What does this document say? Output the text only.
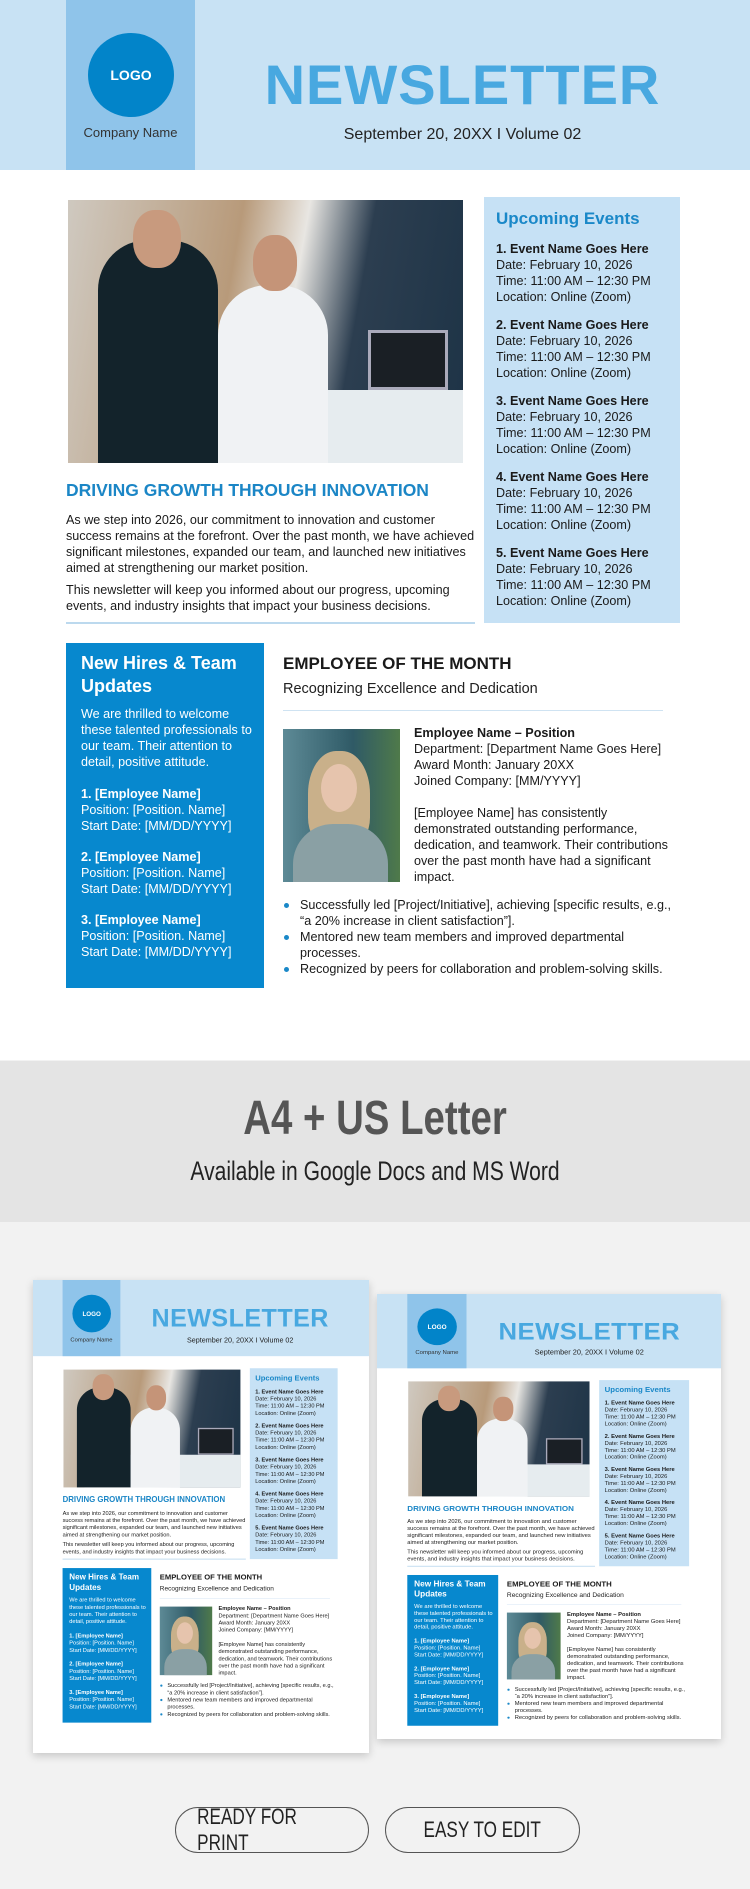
LOGO
Company Name
NEWSLETTER
September 20, 20XX I Volume 02
DRIVING GROWTH THROUGH INNOVATION

As we step into 2026, our commitment to innovation and customer success remains at the forefront. Over the past month, we have achieved significant milestones, expanded our team, and launched new initiatives aimed at strengthening our market position.

This newsletter will keep you informed about our progress, upcoming events, and industry insights that impact your business decisions.

Upcoming Events
1. Event Name Goes Here
Date: February 10, 2026
Time: 11:00 AM – 12:30 PM
Location: Online (Zoom)
2. Event Name Goes Here
Date: February 10, 2026
Time: 11:00 AM – 12:30 PM
Location: Online (Zoom)
3. Event Name Goes Here
Date: February 10, 2026
Time: 11:00 AM – 12:30 PM
Location: Online (Zoom)
4. Event Name Goes Here
Date: February 10, 2026
Time: 11:00 AM – 12:30 PM
Location: Online (Zoom)
5. Event Name Goes Here
Date: February 10, 2026
Time: 11:00 AM – 12:30 PM
Location: Online (Zoom)
New Hires & Team Updates

We are thrilled to welcome these talented professionals to our team. Their attention to detail, positive attitude.

1. [Employee Name]
Position: [Position. Name]
Start Date: [MM/DD/YYYY]
2. [Employee Name]
Position: [Position. Name]
Start Date: [MM/DD/YYYY]
3. [Employee Name]
Position: [Position. Name]
Start Date: [MM/DD/YYYY]
EMPLOYEE OF THE MONTH
Recognizing Excellence and Dedication
Employee Name – Position
Department: [Department Name Goes Here]
Award Month: January 20XX
Joined Company: [MM/YYYY]
[Employee Name] has consistently demonstrated outstanding performance, dedication, and teamwork. Their contributions over the past month have had a significant impact.
Successfully led [Project/Initiative], achieving [specific results, e.g., “a 20% increase in client satisfaction”].
Mentored new team members and improved departmental processes.
Recognized by peers for collaboration and problem-solving skills.
A4 + US Letter
Available in Google Docs and MS Word
LOGO
Company Name
NEWSLETTER
September 20, 20XX I Volume 02
DRIVING GROWTH THROUGH INNOVATION

As we step into 2026, our commitment to innovation and customer success remains at the forefront. Over the past month, we have achieved significant milestones, expanded our team, and launched new initiatives aimed at strengthening our market position.

This newsletter will keep you informed about our progress, upcoming events, and industry insights that impact your business decisions.

Upcoming Events
1. Event Name Goes Here
Date: February 10, 2026
Time: 11:00 AM – 12:30 PM
Location: Online (Zoom)
2. Event Name Goes Here
Date: February 10, 2026
Time: 11:00 AM – 12:30 PM
Location: Online (Zoom)
3. Event Name Goes Here
Date: February 10, 2026
Time: 11:00 AM – 12:30 PM
Location: Online (Zoom)
4. Event Name Goes Here
Date: February 10, 2026
Time: 11:00 AM – 12:30 PM
Location: Online (Zoom)
5. Event Name Goes Here
Date: February 10, 2026
Time: 11:00 AM – 12:30 PM
Location: Online (Zoom)
New Hires & Team Updates

We are thrilled to welcome these talented professionals to our team. Their attention to detail, positive attitude.

1. [Employee Name]
Position: [Position. Name]
Start Date: [MM/DD/YYYY]
2. [Employee Name]
Position: [Position. Name]
Start Date: [MM/DD/YYYY]
3. [Employee Name]
Position: [Position. Name]
Start Date: [MM/DD/YYYY]
EMPLOYEE OF THE MONTH
Recognizing Excellence and Dedication
Employee Name – Position
Department: [Department Name Goes Here]
Award Month: January 20XX
Joined Company: [MM/YYYY]
[Employee Name] has consistently demonstrated outstanding performance, dedication, and teamwork. Their contributions over the past month have had a significant impact.
Successfully led [Project/Initiative], achieving [specific results, e.g., “a 20% increase in client satisfaction”].
Mentored new team members and improved departmental processes.
Recognized by peers for collaboration and problem-solving skills.
LOGO
Company Name
NEWSLETTER
September 20, 20XX I Volume 02
DRIVING GROWTH THROUGH INNOVATION

As we step into 2026, our commitment to innovation and customer success remains at the forefront. Over the past month, we have achieved significant milestones, expanded our team, and launched new initiatives aimed at strengthening our market position.

This newsletter will keep you informed about our progress, upcoming events, and industry insights that impact your business decisions.

Upcoming Events
1. Event Name Goes Here
Date: February 10, 2026
Time: 11:00 AM – 12:30 PM
Location: Online (Zoom)
2. Event Name Goes Here
Date: February 10, 2026
Time: 11:00 AM – 12:30 PM
Location: Online (Zoom)
3. Event Name Goes Here
Date: February 10, 2026
Time: 11:00 AM – 12:30 PM
Location: Online (Zoom)
4. Event Name Goes Here
Date: February 10, 2026
Time: 11:00 AM – 12:30 PM
Location: Online (Zoom)
5. Event Name Goes Here
Date: February 10, 2026
Time: 11:00 AM – 12:30 PM
Location: Online (Zoom)
New Hires & Team Updates

We are thrilled to welcome these talented professionals to our team. Their attention to detail, positive attitude.

1. [Employee Name]
Position: [Position. Name]
Start Date: [MM/DD/YYYY]
2. [Employee Name]
Position: [Position. Name]
Start Date: [MM/DD/YYYY]
3. [Employee Name]
Position: [Position. Name]
Start Date: [MM/DD/YYYY]
EMPLOYEE OF THE MONTH
Recognizing Excellence and Dedication
Employee Name – Position
Department: [Department Name Goes Here]
Award Month: January 20XX
Joined Company: [MM/YYYY]
[Employee Name] has consistently demonstrated outstanding performance, dedication, and teamwork. Their contributions over the past month have had a significant impact.
Successfully led [Project/Initiative], achieving [specific results, e.g., “a 20% increase in client satisfaction”].
Mentored new team members and improved departmental processes.
Recognized by peers for collaboration and problem-solving skills.
READY FOR PRINT
EASY TO EDIT
